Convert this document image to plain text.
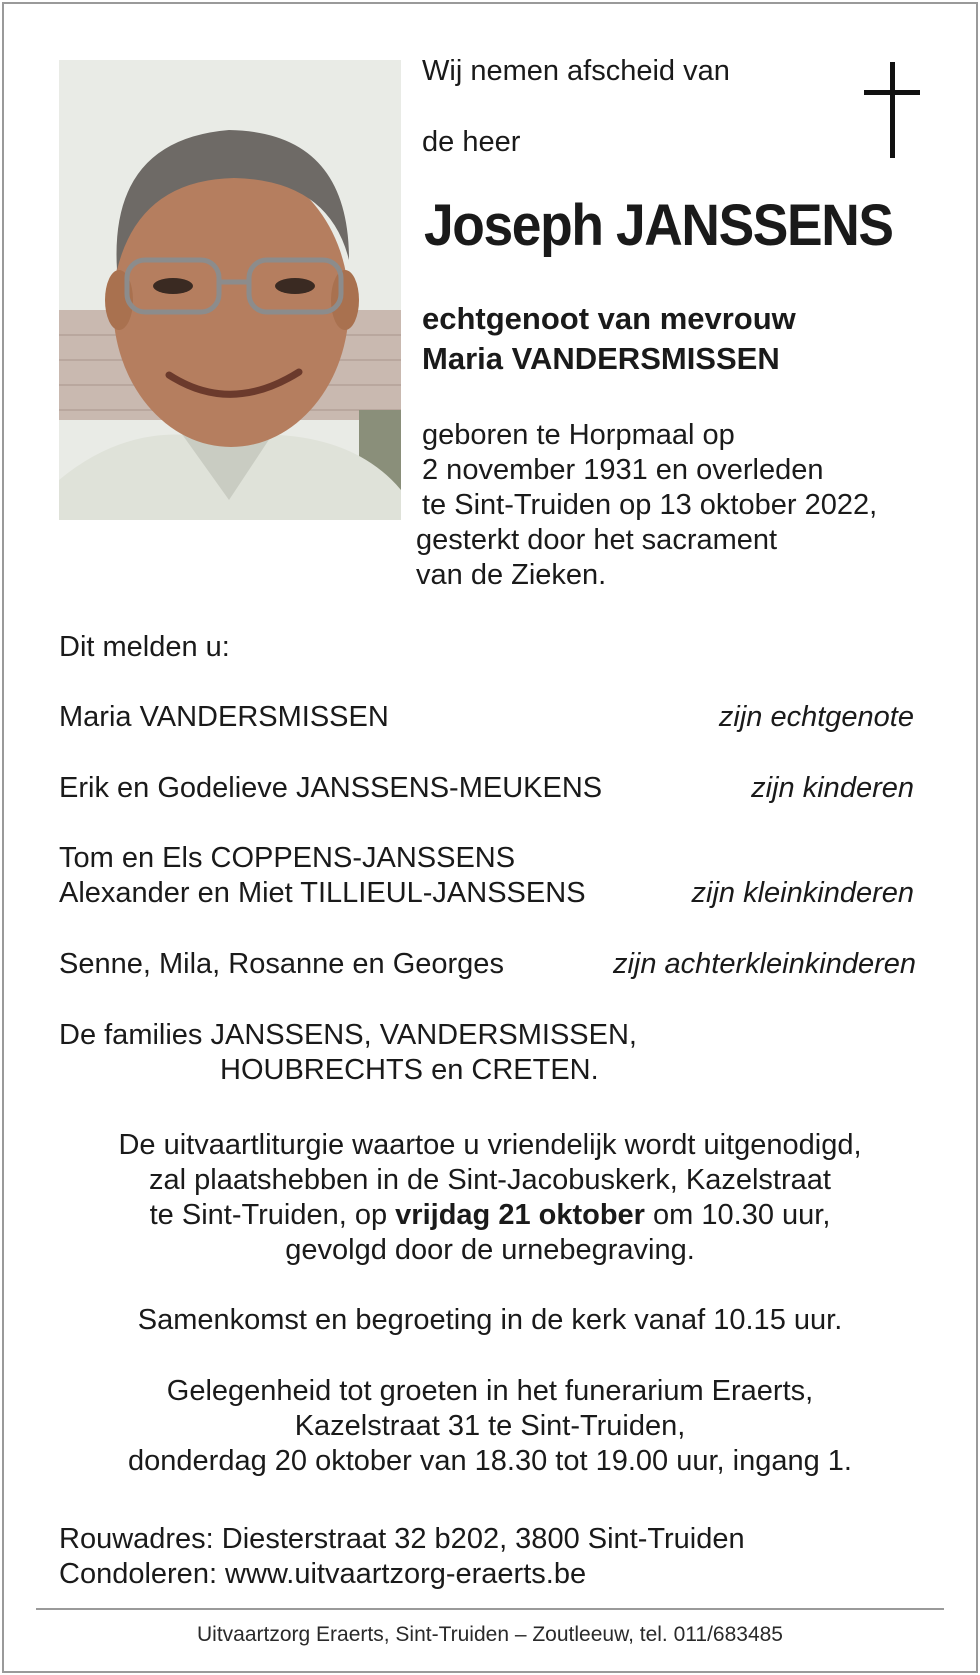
Wij nemen afscheid van
de heer
Joseph JANSSENS
echtgenoot van mevrouw
Maria VANDERSMISSEN
geboren te Horpmaal op
2 november 1931 en overleden
te Sint-Truiden op 13 oktober 2022,
gesterkt door het sacrament
van de Zieken.
Dit melden u:
Maria VANDERSMISSEN	zijn echtgenote
Erik en Godelieve JANSSENS-MEUKENS	zijn kinderen
Tom en Els COPPENS-JANSSENS
Alexander en Miet TILLIEUL-JANSSENS	zijn kleinkinderen
Senne, Mila, Rosanne en Georges	zijn achterkleinkinderen
De families JANSSENS, VANDERSMISSEN,
HOUBRECHTS en CRETEN.
De uitvaartliturgie waartoe u vriendelijk wordt uitgenodigd,
zal plaatshebben in de Sint-Jacobuskerk, Kazelstraat
te Sint-Truiden, op vrijdag 21 oktober om 10.30 uur,
gevolgd door de urnebegraving.
Samenkomst en begroeting in de kerk vanaf 10.15 uur.
Gelegenheid tot groeten in het funerarium Eraerts,
Kazelstraat 31 te Sint-Truiden,
donderdag 20 oktober van 18.30 tot 19.00 uur, ingang 1.
Rouwadres: Diesterstraat 32 b202, 3800 Sint-Truiden
Condoleren: www.uitvaartzorg-eraerts.be
Uitvaartzorg Eraerts, Sint-Truiden – Zoutleeuw, tel. 011/683485
